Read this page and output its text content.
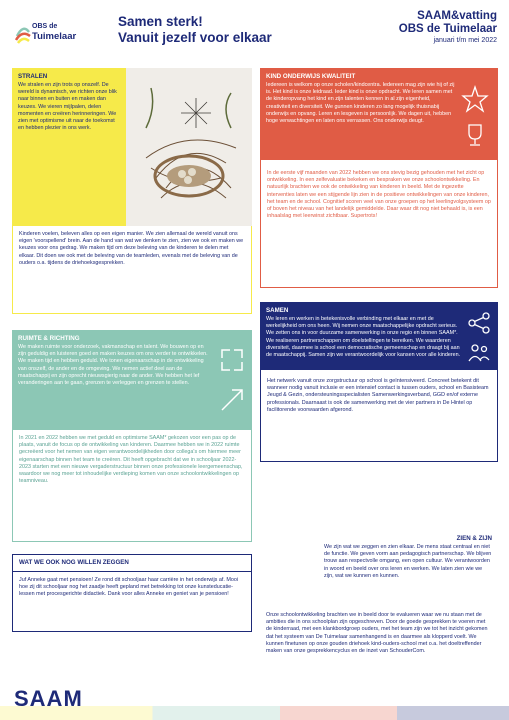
OBS de
Tuimelaar
Samen sterk!
Vanuit jezelf voor elkaar
SAAM&vatting
OBS de Tuimelaar
januari t/m mei 2022
STRALEN
We stralen en zijn trots op onszelf. De wereld is dynamisch, we richten onze blik naar binnen en buiten en maken dan keuzes. We vieren mijlpalen, delen momenten en creëren herinneringen. We zien met optimisme uit naar de toekomst en hebben plezier in ons werk.
Kinderen voelen, beleven alles op een eigen manier. We zien allemaal de wereld vanuit ons eigen 'voorspellend' brein. Aan de hand van wat we denken te zien, zien we ook en maken we keuzes voor ons gedrag. We maken tijd om deze beleving van de kinderen te delen met elkaar. Dit doen we ook met de beleving van de teamleden, evenals met de beleving van de ouders o.a. tijdens de driehoeksgesprekken.
RUIMTE & RICHTING
We maken ruimte voor onderzoek, vakmanschap en talent. We bouwen op en zijn geduldig en luisteren goed en maken keuzes om ons verder te ontwikkelen. We maken tijd en hebben geduld. We tonen eigenaarschap in de ontwikkeling van onszelf, de ander en de omgeving. We nemen actief deel aan de maatschappij en zijn oprecht nieuwsgierig naar de ander. We hebben het lef veranderingen aan te gaan, grenzen te verleggen en grenzen te stellen.
In 2021 en 2022 hebben we met geduld en optimisme SAAM* gekozen voor een pas op de plaats, vanuit de focus op de ontwikkeling van kinderen. Daarmee hebben we in 2022 ruimte gecreëerd voor het nemen van eigen verantwoordelijkheden door collega's om hiermee meer eigenaarschap binnen het team te creëren. Dit heeft opgebracht dat we in schooljaar 2022-2023 starten met een nieuwe vergaderstructuur binnen onze professionele leergemeenschap, waardoor we nog meer tot inhoudelijke verdieping komen van onze schoolontwikkelingen op teamniveau.
WAT WE OOK NOG WILLEN ZEGGEN
Juf Anneke gaat met pensioen! Ze rond dit schooljaar haar carrière in het onderwijs af. Mooi hoe zij dit schooljaar nog het zaadje heeft gepland met betrekking tot onze kunsteducatie-lessen met procesgerichte didactiek. Dank voor alles Anneke en geniet van je pensioen!
KIND ONDERWIJS KWALITEIT
Iedereen is welkom op onze scholen/kindcentra. Iedereen mag zijn wie hij of zij is. Het kind is onze leidraad. Ieder kind is onze opdracht. We leren samen met de kinderopvang het kind en zijn talenten kennen in al zijn eigenheid, creativiteit en diversiteit. We gunnen kinderen zo lang mogelijk thuisnabij onderwijs en opvang. Leren en lesgeven is persoonlijk. We dagen uit, hebben hoge verwachtingen en laten ons verrassen. Ons onderwijs deugt.
In de eerste vijf maanden van 2022 hebben we ons stevig bezig gehouden met het zicht op ontwikkeling. In een zelfevaluatie bekeken en bespraken we onze schoolontwikkeling. En natuurlijk brachten we ook de ontwikkeling van kinderen in beeld. Met de ingezette interventies laten we een stijgende lijn zien in de positieve ontwikkelingen van onze kinderen, het team en de school. Cognitief scoren veel van onze groepen op het leerlingvolgsysteem op of boven het niveau van het landelijk gemiddelde. Daar waar dit nog niet behaald is, is een inhaalslag met leerwinst zichtbaar. Supertrots!
SAMEN
We leren en werken in betekenisvolle verbinding met elkaar en met de werkelijkheid om ons heen. Wij nemen onze maatschappelijke opdracht serieus. We zetten ons in voor duurzame samenwerking in onze regio en binnen SAAM*. We realiseren partnerschappen om doelstellingen te bereiken. We waarderen diversiteit, daarmee is school een democratische gemeenschap en draagt bij aan de maatschappij. Samen zijn we verantwoordelijk voor kansen voor alle kinderen.
Het netwerk vanuit onze zorgstructuur op school is geïntensiveerd. Concreet betekent dit wanneer nodig vanuit inclusie er een intensief contact is tussen ouders, school en Basisteam Jeugd & Gezin, ondersteuningsspecialisten Samenwerkingsverband, GGD en/of externe professionals. Daarnaast is ook de samenwerking met de vier partners in De Hintel op facilitorende voorwaarden afgerond.
ZIEN & ZIJN
We zijn wat we zeggen en zien elkaar. De mens staat centraal en niet de functie. We geven vorm aan pedagogisch partnerschap. We blijven trouw aan respectvolle omgang, een open cultuur. We verantwoorden in woord en beeld over ons leren en werken. We laten zien wie we zijn, wat we kunnen en kunnen.
Onze schoolontwikkeling brachten we in beeld door te evalueren waar we nu staan met de ambities die in ons schoolplan zijn opgeschreven. Door de goede gesprekken te voeren met de kinderraad, met een klankbordgroep ouders, met het team zijn we tot het inzicht gekomen dat het systeem van De Tuimelaar samenhangend is en daarmee als klopperd voelt. We kunnen finetunen op onze gouden driehoek kind-ouders-school met o.a. het doeltreffender maken van onze gesprekkencyclus en de inzet van SchouderCom.
SAAM
